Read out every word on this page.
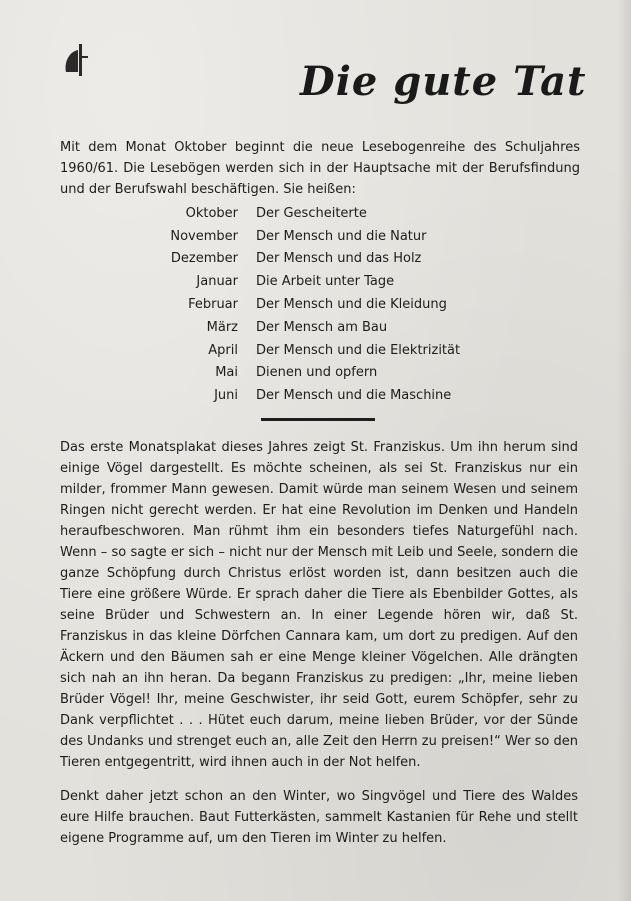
Die gute Tat

Mit dem Monat Oktober beginnt die neue Lesebogenreihe des Schuljahres 1960/61. Die Lesebögen werden sich in der Hauptsache mit der Berufsfindung und der Berufswahl beschäftigen. Sie heißen:

Oktober	Der Gescheiterte
November	Der Mensch und die Natur
Dezember	Der Mensch und das Holz
Januar	Die Arbeit unter Tage
Februar	Der Mensch und die Kleidung
März	Der Mensch am Bau
April	Der Mensch und die Elektrizität
Mai	Dienen und opfern
Juni	Der Mensch und die Maschine

Das erste Monatsplakat dieses Jahres zeigt St. Franziskus. Um ihn herum sind einige Vögel dargestellt. Es möchte scheinen, als sei St. Franziskus nur ein milder, frommer Mann gewesen. Damit würde man seinem Wesen und seinem Ringen nicht gerecht werden. Er hat eine Revolution im Denken und Handeln heraufbeschworen. Man rühmt ihm ein besonders tiefes Naturgefühl nach. Wenn – so sagte er sich – nicht nur der Mensch mit Leib und Seele, sondern die ganze Schöpfung durch Christus erlöst worden ist, dann besitzen auch die Tiere eine größere Würde. Er sprach daher die Tiere als Ebenbilder Gottes, als seine Brüder und Schwestern an. In einer Legende hören wir, daß St. Franziskus in das kleine Dörfchen Cannara kam, um dort zu predigen. Auf den Äckern und den Bäumen sah er eine Menge kleiner Vögelchen. Alle drängten sich nah an ihn heran. Da begann Franziskus zu predigen: „Ihr, meine lieben Brüder Vögel! Ihr, meine Geschwister, ihr seid Gott, eurem Schöpfer, sehr zu Dank verpflichtet . . . Hütet euch darum, meine lieben Brüder, vor der Sünde des Undanks und strenget euch an, alle Zeit den Herrn zu preisen!“ Wer so den Tieren entgegentritt, wird ihnen auch in der Not helfen.

Denkt daher jetzt schon an den Winter, wo Singvögel und Tiere des Waldes eure Hilfe brauchen. Baut Futterkästen, sammelt Kastanien für Rehe und stellt eigene Programme auf, um den Tieren im Winter zu helfen.
